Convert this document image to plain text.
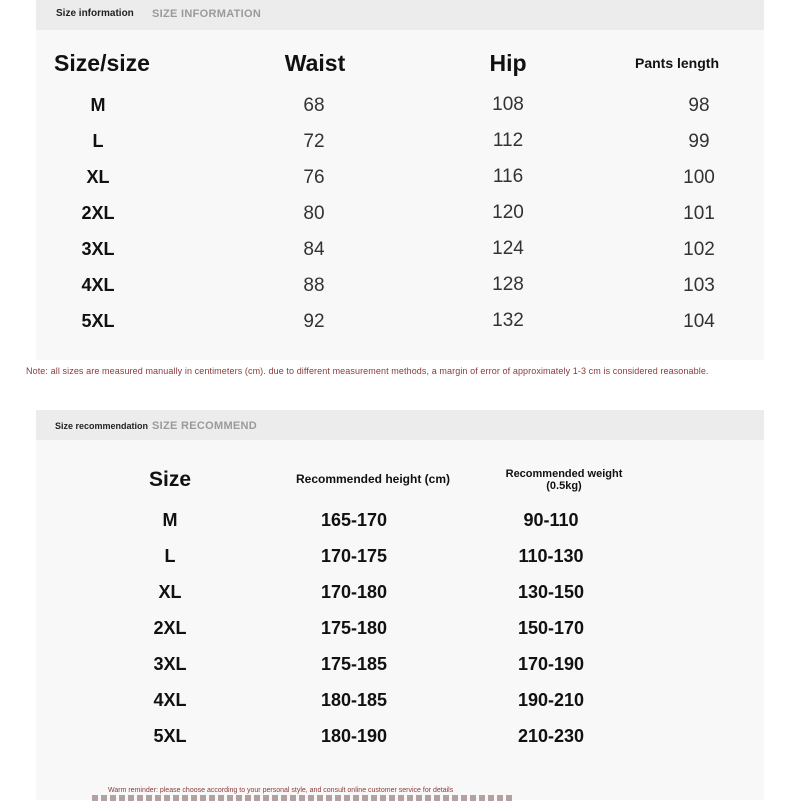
Size information SIZE INFORMATION
Size/size	Waist	Hip	Pants length
M	68	108	98
L	72	112	99
XL	76	116	100
2XL	80	120	101
3XL	84	124	102
4XL	88	128	103
5XL	92	132	104
Note: all sizes are measured manually in centimeters (cm). due to different measurement methods, a margin of error of approximately 1-3 cm is considered reasonable.
Size recommendation SIZE RECOMMEND
Size	Recommended height (cm)	Recommended weight
(0.5kg)
M	165-170	90-110
L	170-175	110-130
XL	170-180	130-150
2XL	175-180	150-170
3XL	175-185	170-190
4XL	180-185	190-210
5XL	180-190	210-230
Warm reminder: please choose according to your personal style, and consult online customer service for details
